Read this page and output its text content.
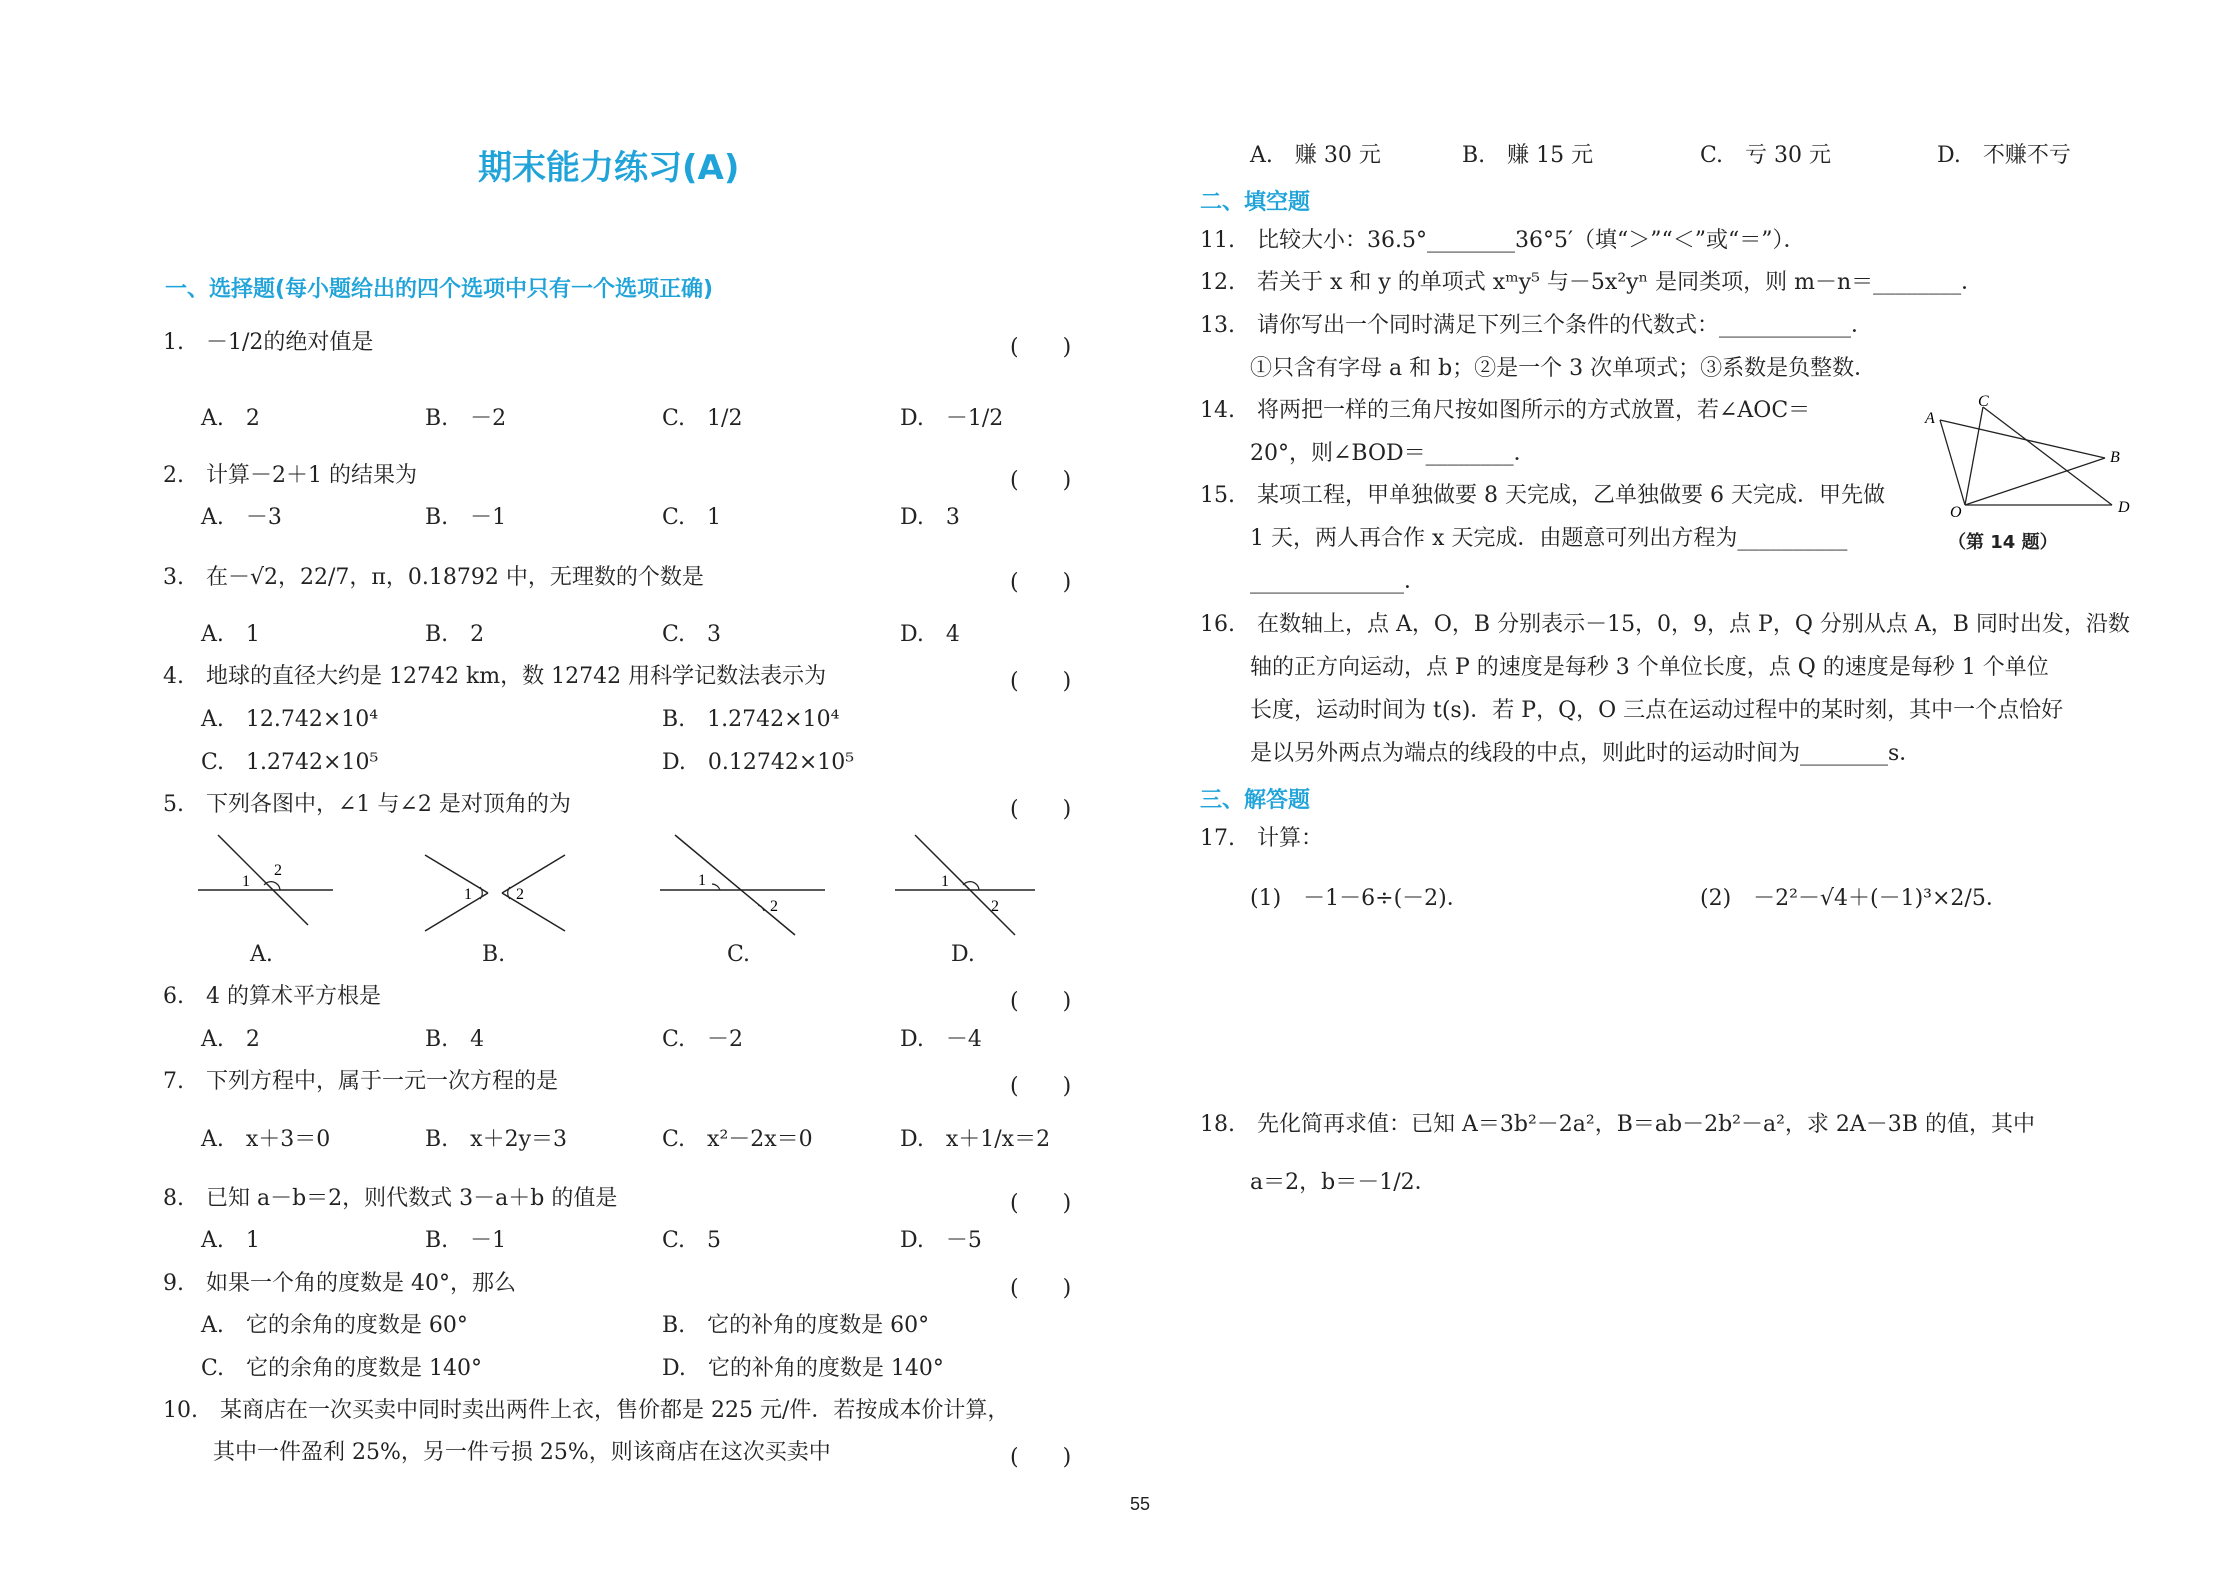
期末能力练习(A)
一、选择题(每小题给出的四个选项中只有一个选项正确)
1.　－1/2的绝对值是	(　　)
A.　2	B.　－2	C.　1/2	D.　－1/2
2.　计算－2＋1 的结果为	(　　)
A.　－3	B.　－1	C.　1	D.　3
3.　在－√2，22/7，π，0.18792 中，无理数的个数是	(　　)
A.　1	B.　2	C.　3	D.　4
4.　地球的直径大约是 12742 km，数 12742 用科学记数法表示为	(　　)
A.　12.742×10⁴	B.　1.2742×10⁴
C.　1.2742×10⁵	D.　0.12742×10⁵
5.　下列各图中，∠1 与∠2 是对顶角的为	(　　)
1
2
A.
1	2
B.
1
2
C.
1
2
D.
6.　4 的算术平方根是	(　　)
A.　2	B.　4	C.　－2	D.　－4
7.　下列方程中，属于一元一次方程的是	(　　)
A.　x＋3＝0	B.　x＋2y＝3	C.　x²－2x＝0	D.　x＋1/x＝2
8.　已知 a－b＝2，则代数式 3－a＋b 的值是	(　　)
A.　1	B.　－1	C.　5	D.　－5
9.　如果一个角的度数是 40°，那么	(　　)
A.　它的余角的度数是 60°	B.　它的补角的度数是 60°
C.　它的余角的度数是 140°	D.　它的补角的度数是 140°
10.　某商店在一次买卖中同时卖出两件上衣，售价都是 225 元/件．若按成本价计算，
其中一件盈利 25%，另一件亏损 25%，则该商店在这次买卖中	(　　)
55
A.　赚 30 元	B.　赚 15 元	C.　亏 30 元	D.　不赚不亏
二、填空题
11.　比较大小：36.5°________36°5′（填“＞”“＜”或“＝”）．
12.　若关于 x 和 y 的单项式 xᵐy⁵ 与－5x²yⁿ 是同类项，则 m－n＝________．
13.　请你写出一个同时满足下列三个条件的代数式：____________．
①只含有字母 a 和 b；②是一个 3 次单项式；③系数是负整数．
14.　将两把一样的三角尺按如图所示的方式放置，若∠AOC＝
20°，则∠BOD＝________．
A
C
B
D
O
（第 14 题）
15.　某项工程，甲单独做要 8 天完成，乙单独做要 6 天完成．甲先做
1 天，两人再合作 x 天完成．由题意可列出方程为__________
______________．
16.　在数轴上，点 A，O，B 分别表示－15，0，9，点 P，Q 分别从点 A，B 同时出发，沿数
轴的正方向运动，点 P 的速度是每秒 3 个单位长度，点 Q 的速度是每秒 1 个单位
长度，运动时间为 t(s)．若 P，Q，O 三点在运动过程中的某时刻，其中一个点恰好
是以另外两点为端点的线段的中点，则此时的运动时间为________s．
三、解答题
17.　计算：
(1)　－1－6÷(－2)．	(2)　－2²－√4＋(－1)³×2/5．
18.　先化简再求值：已知 A＝3b²－2a²，B＝ab－2b²－a²，求 2A－3B 的值，其中
a＝2，b＝－1/2．
